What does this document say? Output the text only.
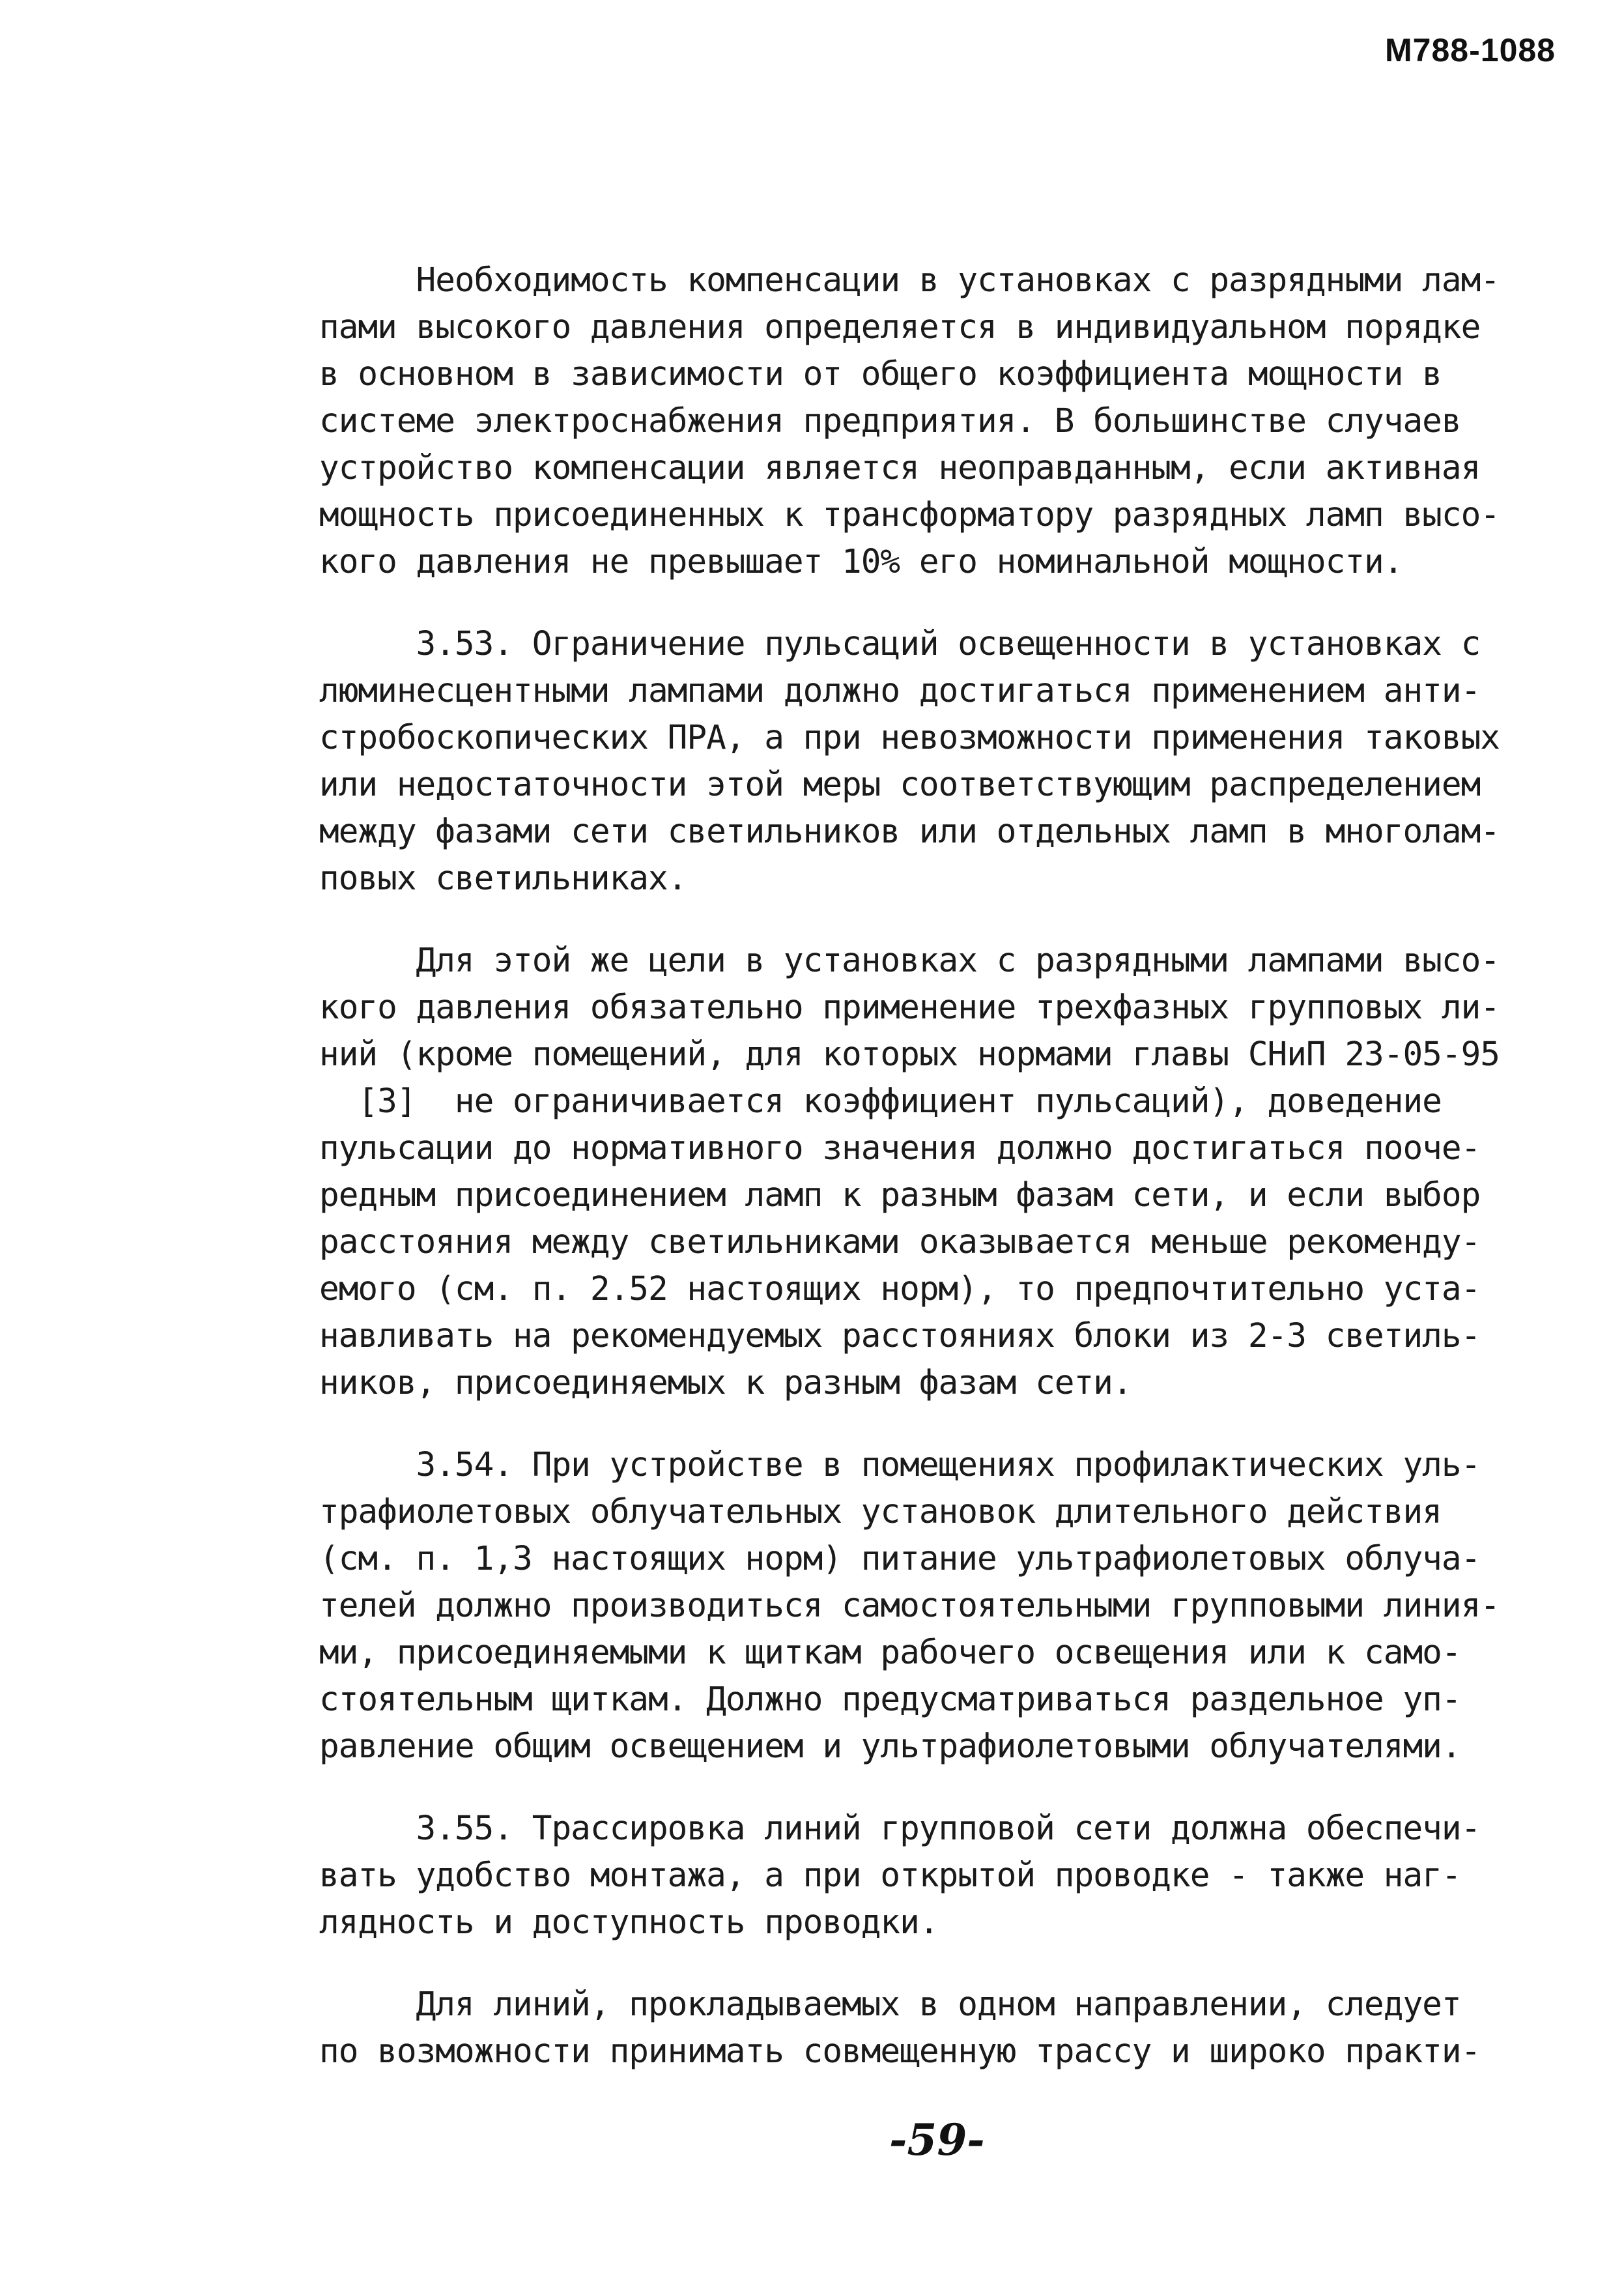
M788-1088
Необходимость компенсации в установках с разрядными лам-
пами высокого давления определяется в индивидуальном порядке
в основном в зависимости от общего коэффициента мощности в
системе электроснабжения предприятия. В большинстве случаев
устройство компенсации является неоправданным, если активная
мощность присоединенных к трансформатору разрядных ламп высо-
кого давления не превышает 10% его номинальной мощности.
3.53. Ограничение пульсаций освещенности в установках с
люминесцентными лампами должно достигаться применением анти-
стробоскопических ПРА, а при невозможности применения таковых
или недостаточности этой меры соответствующим распределением
между фазами сети светильников или отдельных ламп в многолам-
повых светильниках.
Для этой же цели в установках с разрядными лампами высо-
кого давления обязательно применение трехфазных групповых ли-
ний (кроме помещений, для которых нормами главы СНиП 23-05-95
[3]  не ограничивается коэффициент пульсаций), доведение
пульсации до нормативного значения должно достигаться поoче-
редным присоединением ламп к разным фазам сети, и если выбор
расстояния между светильниками оказывается меньше рекоменду-
емого (см. п. 2.52 настоящих норм), то предпочтительно уста-
навливать на рекомендуемых расстояниях блоки из 2-3 светиль-
ников, присоединяемых к разным фазам сети.
3.54. При устройстве в помещениях профилактических уль-
трафиолетовых облучательных установок длительного действия
(см. п. 1,3 настоящих норм) питание ультрафиолетовых облуча-
телей должно производиться самостоятельными групповыми линия-
ми, присоединяемыми к щиткам рабочего освещения или к само-
стоятельным щиткам. Должно предусматриваться раздельное уп-
равление общим освещением и ультрафиолетовыми облучателями.
3.55. Трассировка линий групповой сети должна обеспечи-
вать удобство монтажа, а при открытой проводке - также наг-
лядность и доступность проводки.
Для линий, прокладываемых в одном направлении, следует
по возможности принимать совмещенную трассу и широко практи-
-59-
